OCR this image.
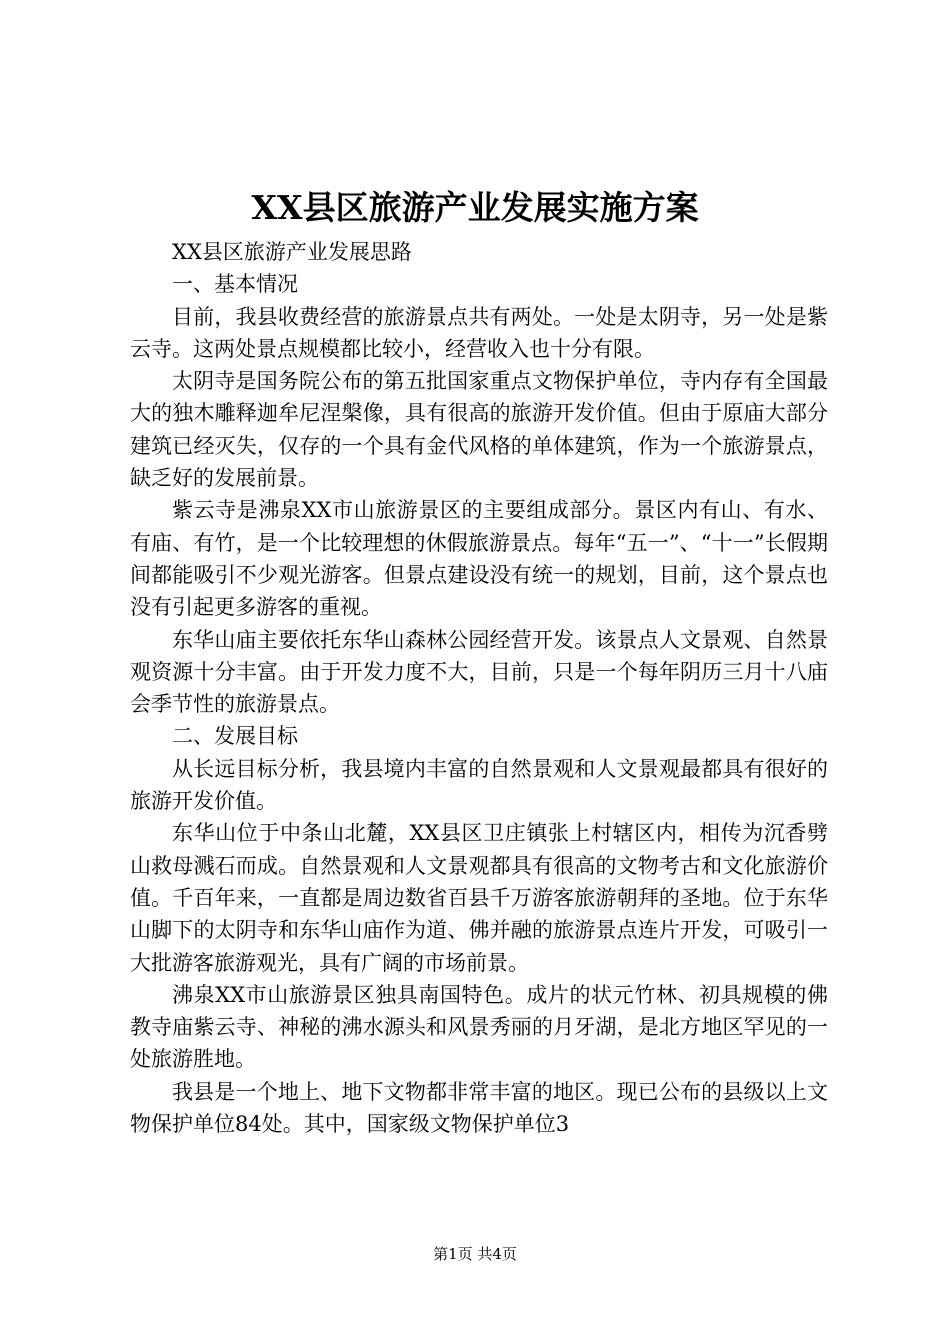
XX县区旅游产业发展实施方案

XX县区旅游产业发展思路

一、基本情况

目前，我县收费经营的旅游景点共有两处。一处是太阴寺，另一处是紫云寺。这两处景点规模都比较小，经营收入也十分有限。

太阴寺是国务院公布的第五批国家重点文物保护单位，寺内存有全国最大的独木雕释迦牟尼涅槃像，具有很高的旅游开发价值。但由于原庙大部分建筑已经灭失，仅存的一个具有金代风格的单体建筑，作为一个旅游景点，缺乏好的发展前景。

紫云寺是沸泉XX市山旅游景区的主要组成部分。景区内有山、有水、有庙、有竹，是一个比较理想的休假旅游景点。每年“五一”、“十一”长假期间都能吸引不少观光游客。但景点建设没有统一的规划，目前，这个景点也没有引起更多游客的重视。

东华山庙主要依托东华山森林公园经营开发。该景点人文景观、自然景观资源十分丰富。由于开发力度不大，目前，只是一个每年阴历三月十八庙会季节性的旅游景点。

二、发展目标

从长远目标分析，我县境内丰富的自然景观和人文景观最都具有很好的旅游开发价值。

东华山位于中条山北麓，XX县区卫庄镇张上村辖区内，相传为沉香劈山救母溅石而成。自然景观和人文景观都具有很高的文物考古和文化旅游价值。千百年来，一直都是周边数省百县千万游客旅游朝拜的圣地。位于东华山脚下的太阴寺和东华山庙作为道、佛并融的旅游景点连片开发，可吸引一大批游客旅游观光，具有广阔的市场前景。

沸泉XX市山旅游景区独具南国特色。成片的状元竹林、初具规模的佛教寺庙紫云寺、神秘的沸水源头和风景秀丽的月牙湖，是北方地区罕见的一处旅游胜地。

我县是一个地上、地下文物都非常丰富的地区。现已公布的县级以上文物保护单位84处。其中，国家级文物保护单位3

第1页 共4页
